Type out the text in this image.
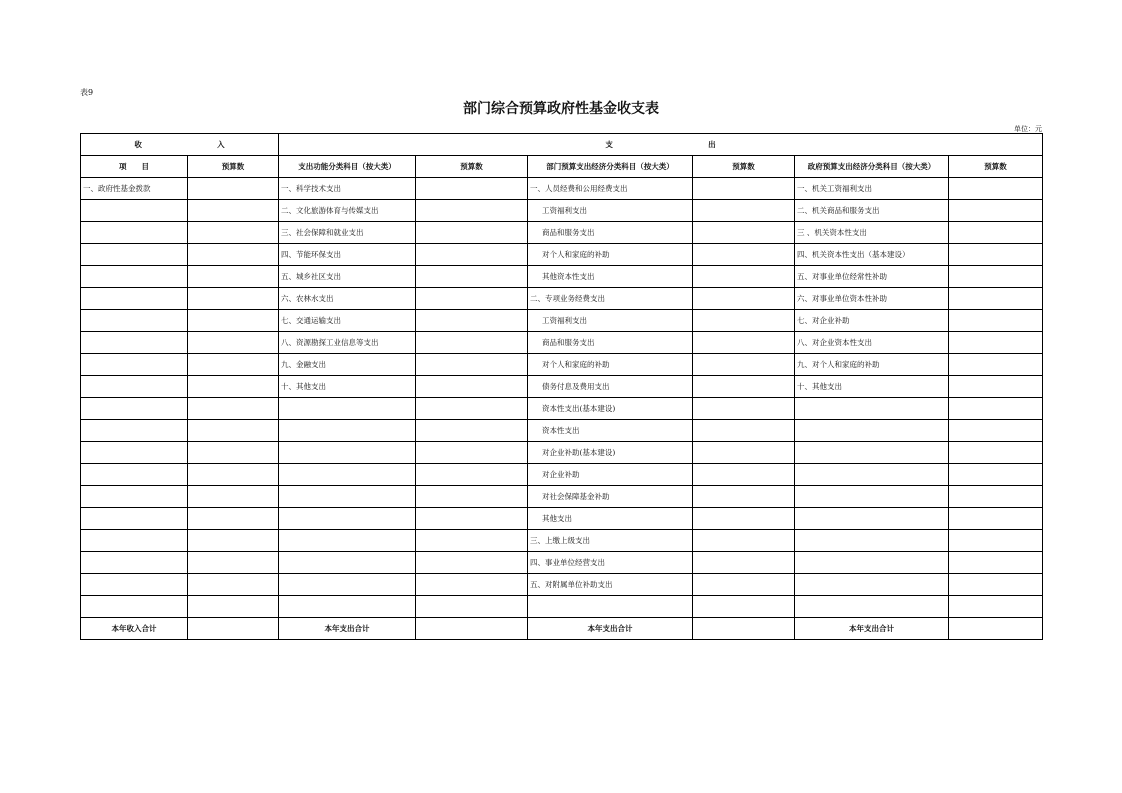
表9
部门综合预算政府性基金收支表
单位：元
收 入		支 出					
项　　目	预算数	支出功能分类科目（按大类）	预算数	部门预算支出经济分类科目（按大类）	预算数	政府预算支出经济分类科目（按大类）	预算数
一、政府性基金拨款		一、科学技术支出		一、人员经费和公用经费支出		一、机关工资福利支出	
		二、文化旅游体育与传媒支出		工资福利支出		二、机关商品和服务支出	
		三、社会保障和就业支出		商品和服务支出		三 、机关资本性支出	
		四、节能环保支出		对个人和家庭的补助		四、机关资本性支出（基本建设）	
		五、城乡社区支出		其他资本性支出		五、对事业单位经常性补助	
		六、农林水支出		二、专项业务经费支出		六、对事业单位资本性补助	
		七、交通运输支出		工资福利支出		七、对企业补助	
		八、资源勘探工业信息等支出		商品和服务支出		八、对企业资本性支出	
		九、金融支出		对个人和家庭的补助		九、对个人和家庭的补助	
		十、其他支出		债务付息及费用支出		十、其他支出	
				资本性支出(基本建设)			
				资本性支出			
				对企业补助(基本建设)			
				对企业补助			
				对社会保障基金补助			
				其他支出			
				三、上缴上级支出			
				四、事业单位经营支出			
				五、对附属单位补助支出			

本年收入合计		本年支出合计		本年支出合计		本年支出合计	
